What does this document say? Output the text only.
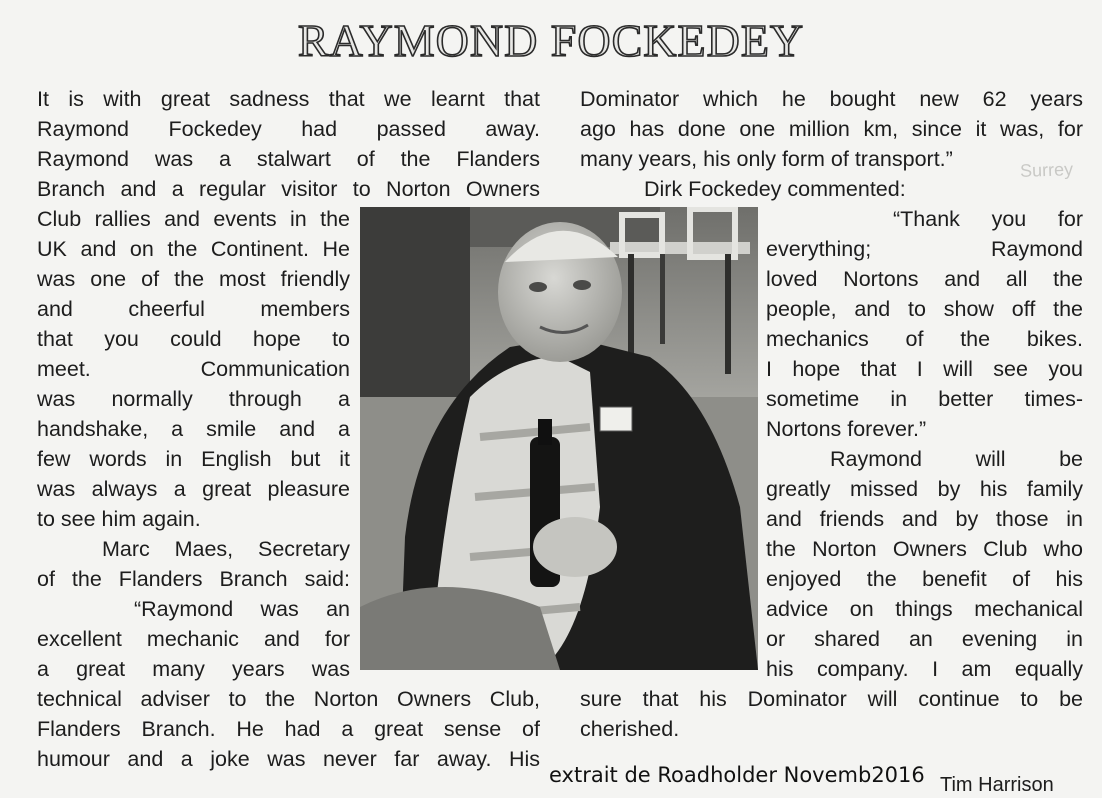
Surrey
RAYMOND FOCKEDEY
It is with great sadness that we learnt that
Raymond Fockedey had passed away.
Raymond was a stalwart of the Flanders
Branch and a regular visitor to Norton Owners
Club rallies and events in the
UK and on the Continent. He
was one of the most friendly
and cheerful members
that you could hope to
meet. Communication
was normally through a
handshake, a smile and a
few words in English but it
was always a great pleasure
to see him again.
Marc Maes, Secretary
of the Flanders Branch said:
“Raymond was an
excellent mechanic and for
a great many years was
technical adviser to the Norton Owners Club,
Flanders Branch. He had a great sense of
humour and a joke was never far away. His
Dominator which he bought new 62 years
ago has done one million km, since it was, for
many years, his only form of transport.”
Dirk Fockedey commented:
“Thank you for
everything; Raymond
loved Nortons and all the
people, and to show off the
mechanics of the bikes.
I hope that I will see you
sometime in better times-
Nortons forever.”
Raymond will be
greatly missed by his family
and friends and by those in
the Norton Owners Club who
enjoyed the benefit of his
advice on things mechanical
or shared an evening in
his company. I am equally
sure that his Dominator will continue to be
cherished.
extrait de Roadholder Novemb2016 Tim Harrison
